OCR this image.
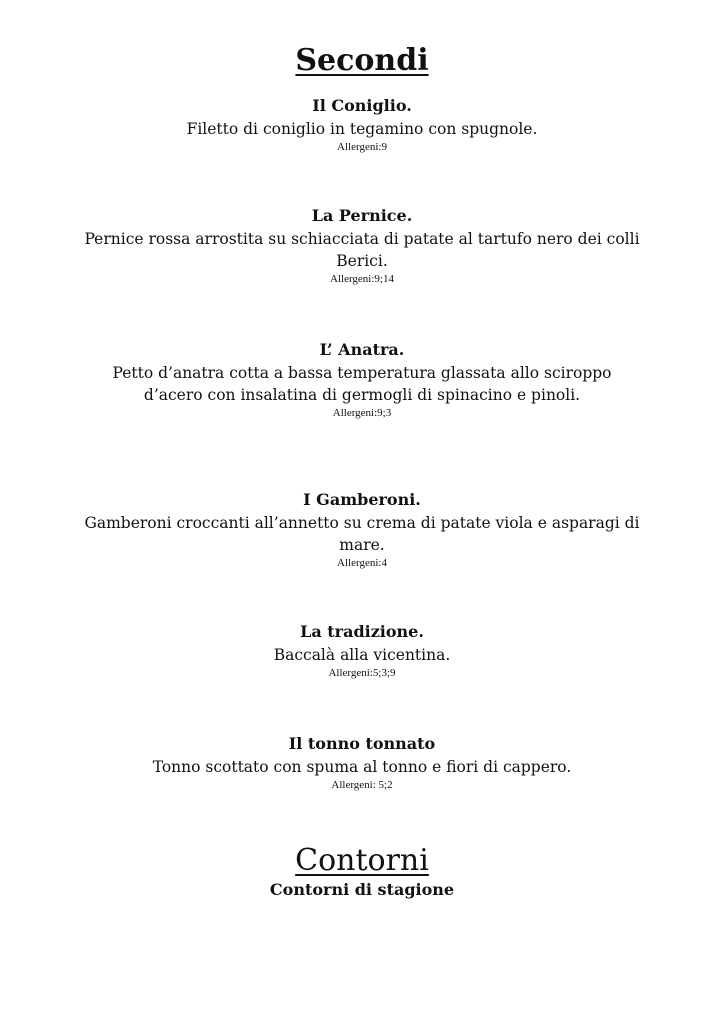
Secondi
Il Coniglio.
Filetto di coniglio in tegamino con spugnole.
Allergeni:9
La Pernice.
Pernice rossa arrostita su schiacciata di patate al tartufo nero dei colli Berici.
Allergeni:9;14
L’ Anatra.
Petto d’anatra cotta a bassa temperatura glassata allo sciroppo d’acero con insalatina di germogli di spinacino e pinoli.
Allergeni:9;3
I Gamberoni.
Gamberoni croccanti all’annetto su crema di patate viola e asparagi di mare.
Allergeni:4
La tradizione.
Baccalà alla vicentina.
Allergeni:5;3;9
Il tonno tonnato
Tonno scottato con spuma al tonno e fiori di cappero.
Allergeni: 5;2
Contorni
Contorni di stagione
